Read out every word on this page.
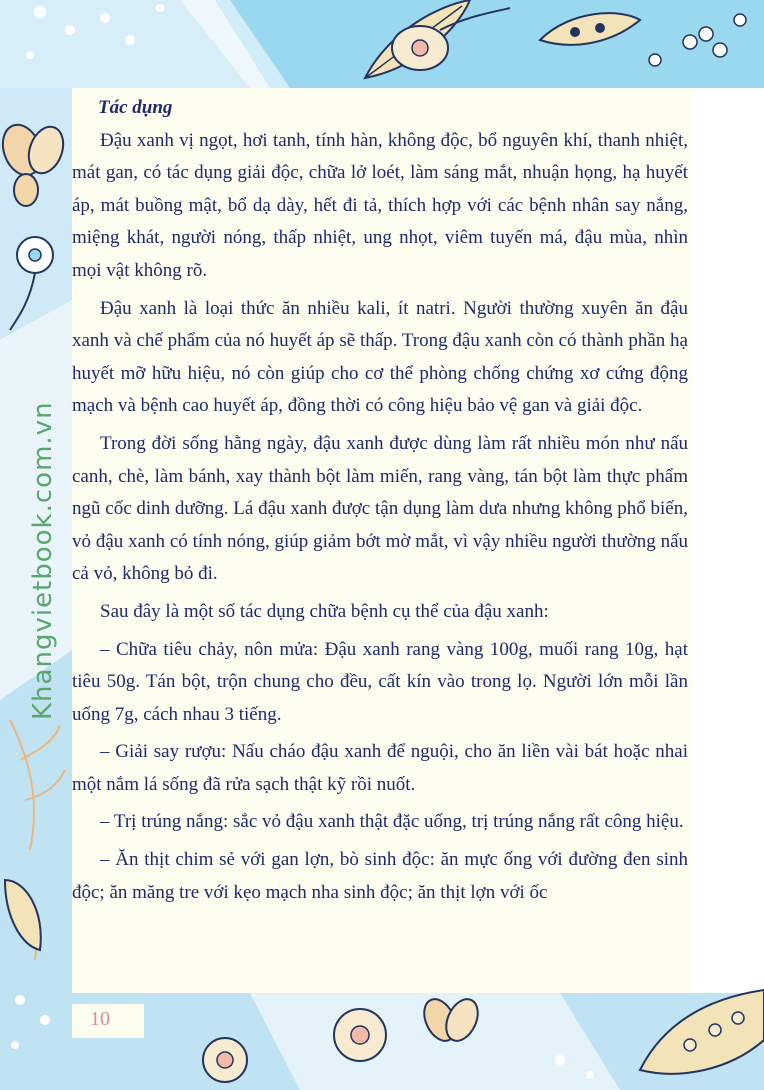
Khangvietbook.com.vn
Tác dụng

Đậu xanh vị ngọt, hơi tanh, tính hàn, không độc, bổ nguyên khí, thanh nhiệt, mát gan, có tác dụng giải độc, chữa lở loét, làm sáng mắt, nhuận họng, hạ huyết áp, mát buồng mật, bổ dạ dày, hết đi tả, thích hợp với các bệnh nhân say nắng, miệng khát, người nóng, thấp nhiệt, ung nhọt, viêm tuyến má, đậu mùa, nhìn mọi vật không rõ.

Đậu xanh là loại thức ăn nhiều kali, ít natri. Người thường xuyên ăn đậu xanh và chế phẩm của nó huyết áp sẽ thấp. Trong đậu xanh còn có thành phần hạ huyết mỡ hữu hiệu, nó còn giúp cho cơ thể phòng chống chứng xơ cứng động mạch và bệnh cao huyết áp, đồng thời có công hiệu bảo vệ gan và giải độc.

Trong đời sống hằng ngày, đậu xanh được dùng làm rất nhiều món như nấu canh, chè, làm bánh, xay thành bột làm miến, rang vàng, tán bột làm thực phẩm ngũ cốc dinh dưỡng. Lá đậu xanh được tận dụng làm dưa nhưng không phổ biến, vỏ đậu xanh có tính nóng, giúp giảm bớt mờ mắt, vì vậy nhiều người thường nấu cả vỏ, không bỏ đi.

Sau đây là một số tác dụng chữa bệnh cụ thể của đậu xanh:

– Chữa tiêu chảy, nôn mửa: Đậu xanh rang vàng 100g, muối rang 10g, hạt tiêu 50g. Tán bột, trộn chung cho đều, cất kín vào trong lọ. Người lớn mỗi lần uống 7g, cách nhau 3 tiếng.

– Giải say rượu: Nấu cháo đậu xanh để nguội, cho ăn liền vài bát hoặc nhai một nắm lá sống đã rửa sạch thật kỹ rồi nuốt.

– Trị trúng nắng: sắc vỏ đậu xanh thật đặc uống, trị trúng nắng rất công hiệu.

– Ăn thịt chim sẻ với gan lợn, bò sinh độc: ăn mực ống với đường đen sinh độc; ăn măng tre với kẹo mạch nha sinh độc; ăn thịt lợn với ốc

10
